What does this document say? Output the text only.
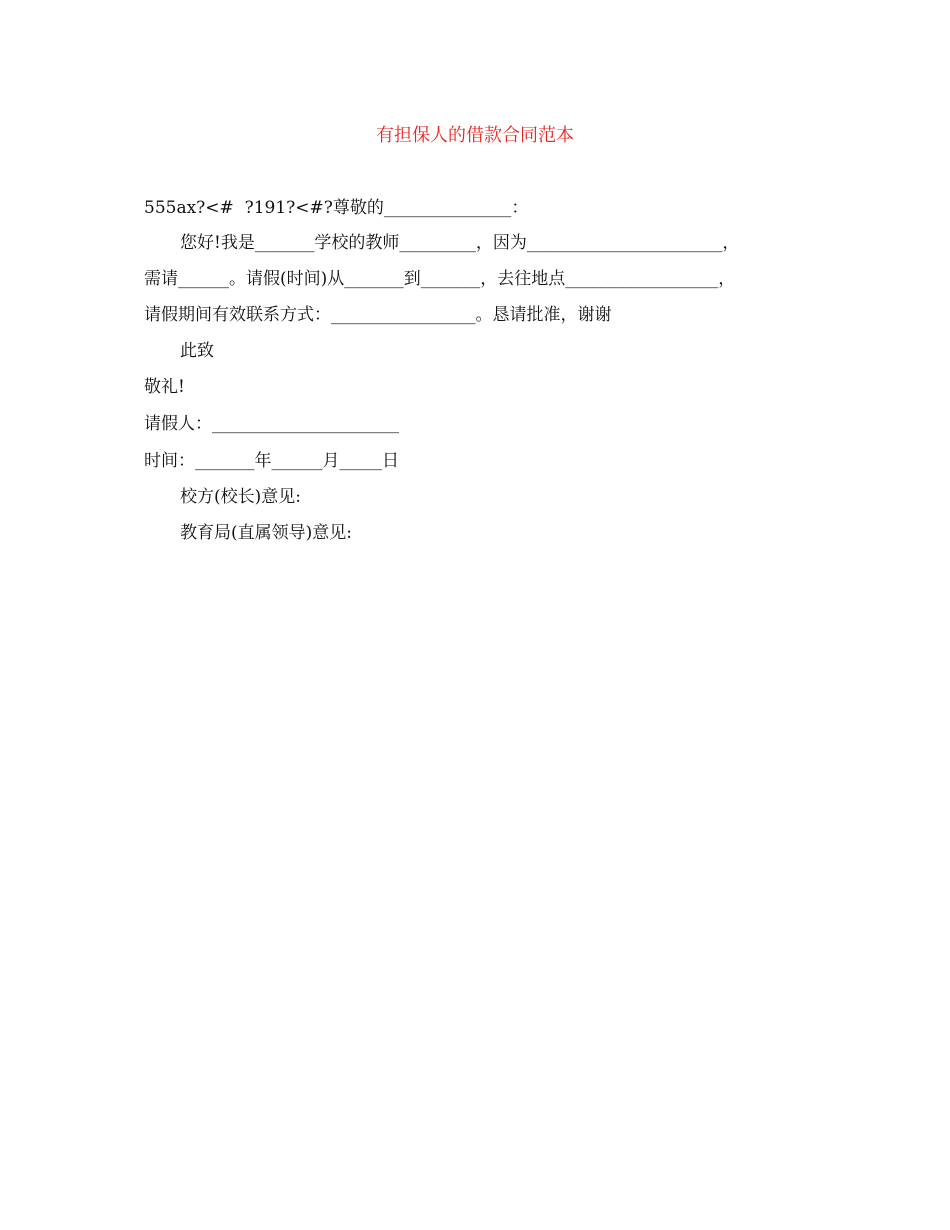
有担保人的借款合同范本
555ax?<#  ?191?<#?尊敬的_______________：
您好!我是_______学校的教师_________，因为_______________________，
需请______。请假(时间)从_______到_______，去往地点__________________，
请假期间有效联系方式：_________________。恳请批准，谢谢
此致
敬礼!
请假人：______________________
时间：_______年______月_____日
校方(校长)意见:
教育局(直属领导)意见:
